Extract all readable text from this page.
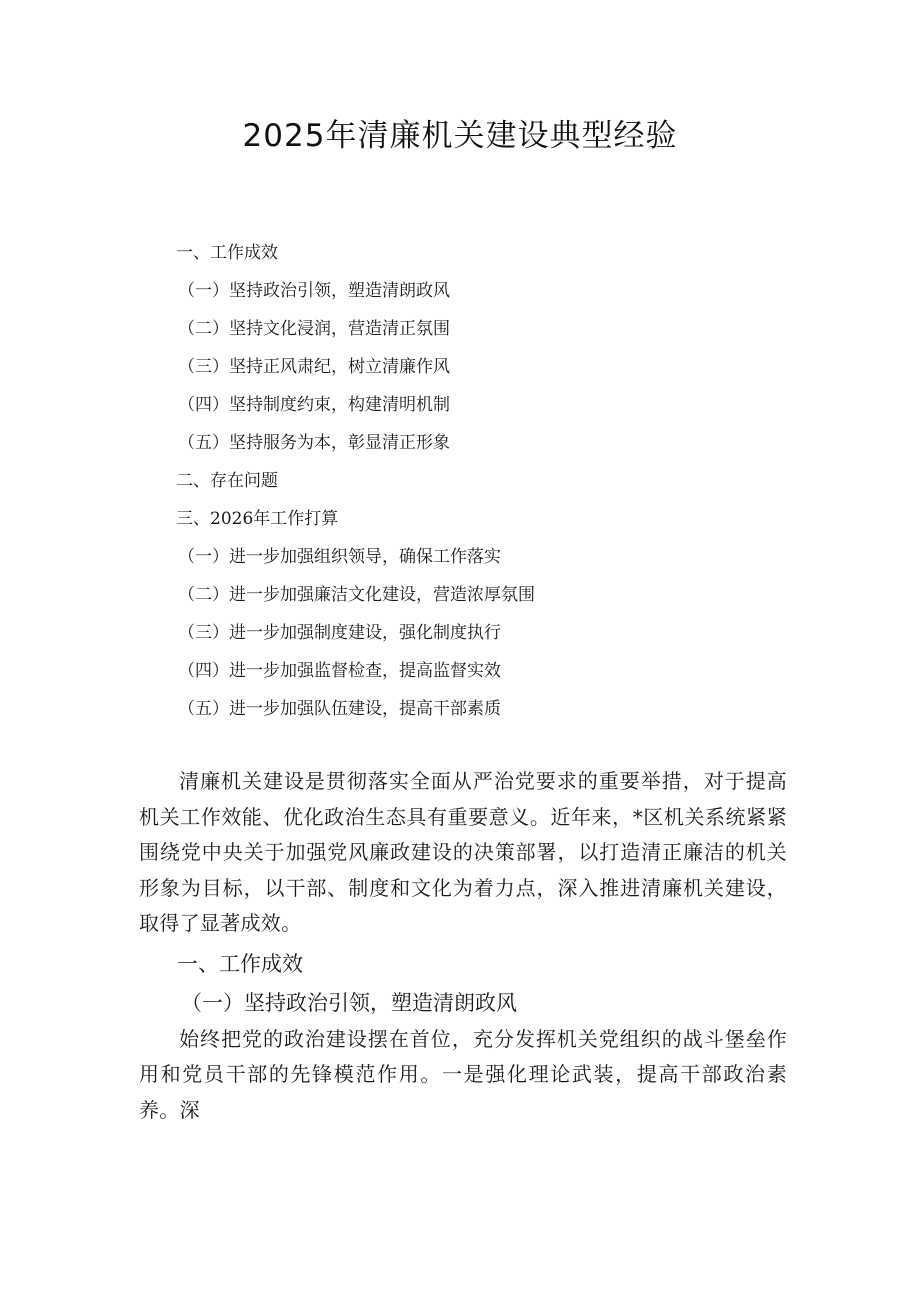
2025年清廉机关建设典型经验
一、工作成效
（一）坚持政治引领，塑造清朗政风
（二）坚持文化浸润，营造清正氛围
（三）坚持正风肃纪，树立清廉作风
（四）坚持制度约束，构建清明机制
（五）坚持服务为本，彰显清正形象
二、存在问题
三、2026年工作打算
（一）进一步加强组织领导，确保工作落实
（二）进一步加强廉洁文化建设，营造浓厚氛围
（三）进一步加强制度建设，强化制度执行
（四）进一步加强监督检查，提高监督实效
（五）进一步加强队伍建设，提高干部素质

清廉机关建设是贯彻落实全面从严治党要求的重要举措，对于提高机关工作效能、优化政治生态具有重要意义。近年来，*区机关系统紧紧围绕党中央关于加强党风廉政建设的决策部署，以打造清正廉洁的机关形象为目标，以干部、制度和文化为着力点，深入推进清廉机关建设，取得了显著成效。

一、工作成效

（一）坚持政治引领，塑造清朗政风

始终把党的政治建设摆在首位，充分发挥机关党组织的战斗堡垒作用和党员干部的先锋模范作用。一是强化理论武装，提高干部政治素养。深
